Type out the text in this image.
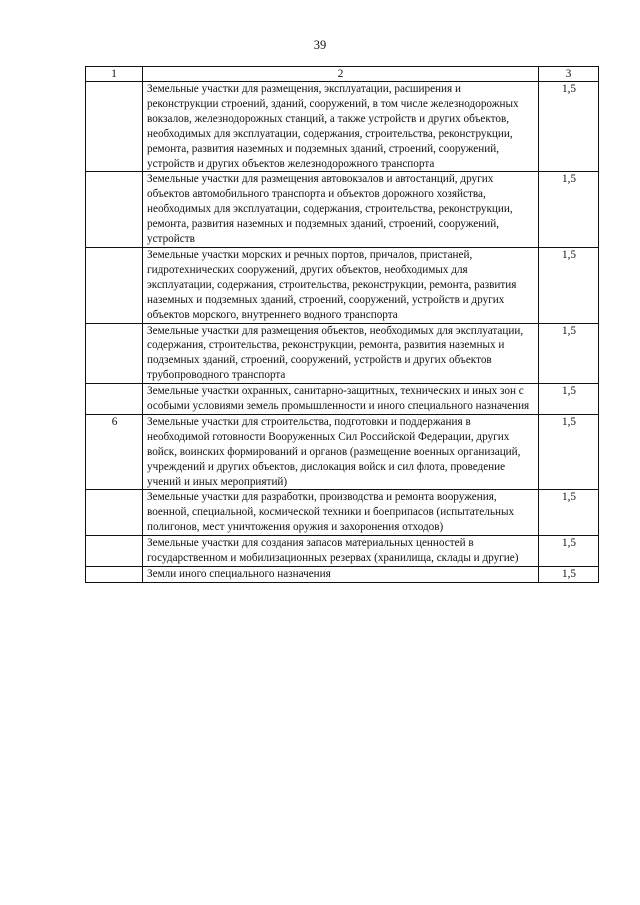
39
1	2	3
	Земельные участки для размещения, эксплуатации, расширения и реконструкции строений, зданий, сооружений, в том числе железнодорожных вокзалов, железнодорожных станций, а также устройств и других объектов, необходимых для эксплуатации, содержания, строительства, реконструкции, ремонта, развития наземных и подземных зданий, строений, сооружений, устройств и других объектов железнодорожного транспорта	1,5
	Земельные участки для размещения автовокзалов и автостанций, других объектов автомобильного транспорта и объектов дорожного хозяйства, необходимых для эксплуатации, содержания, строительства, реконструкции, ремонта, развития наземных и подземных зданий, строений, сооружений, устройств	1,5
	Земельные участки морских и речных портов, причалов, пристаней, гидротехнических сооружений, других объектов, необходимых для эксплуатации, содержания, строительства, реконструкции, ремонта, развития наземных и подземных зданий, строений, сооружений, устройств и других объектов морского, внутреннего водного транспорта	1,5
	Земельные участки для размещения объектов, необходимых для эксплуатации, содержания, строительства, реконструкции, ремонта, развития наземных и подземных зданий, строений, сооружений, устройств и других объектов трубопроводного транспорта	1,5
	Земельные участки охранных, санитарно-защитных, технических и иных зон с особыми условиями земель промышленности и иного специального назначения	1,5
6	Земельные участки для строительства, подготовки и поддержания в необходимой готовности Вооруженных Сил Российской Федерации, других войск, воинских формирований и органов (размещение военных организаций, учреждений и других объектов, дислокация войск и сил флота, проведение учений и иных мероприятий)	1,5
	Земельные участки для разработки, производства и ремонта вооружения, военной, специальной, космической техники и боеприпасов (испытательных полигонов, мест уничтожения оружия и захоронения отходов)	1,5
	Земельные участки для создания запасов материальных ценностей в государственном и мобилизационных резервах (хранилища, склады и другие)	1,5
	Земли иного специального назначения	1,5
